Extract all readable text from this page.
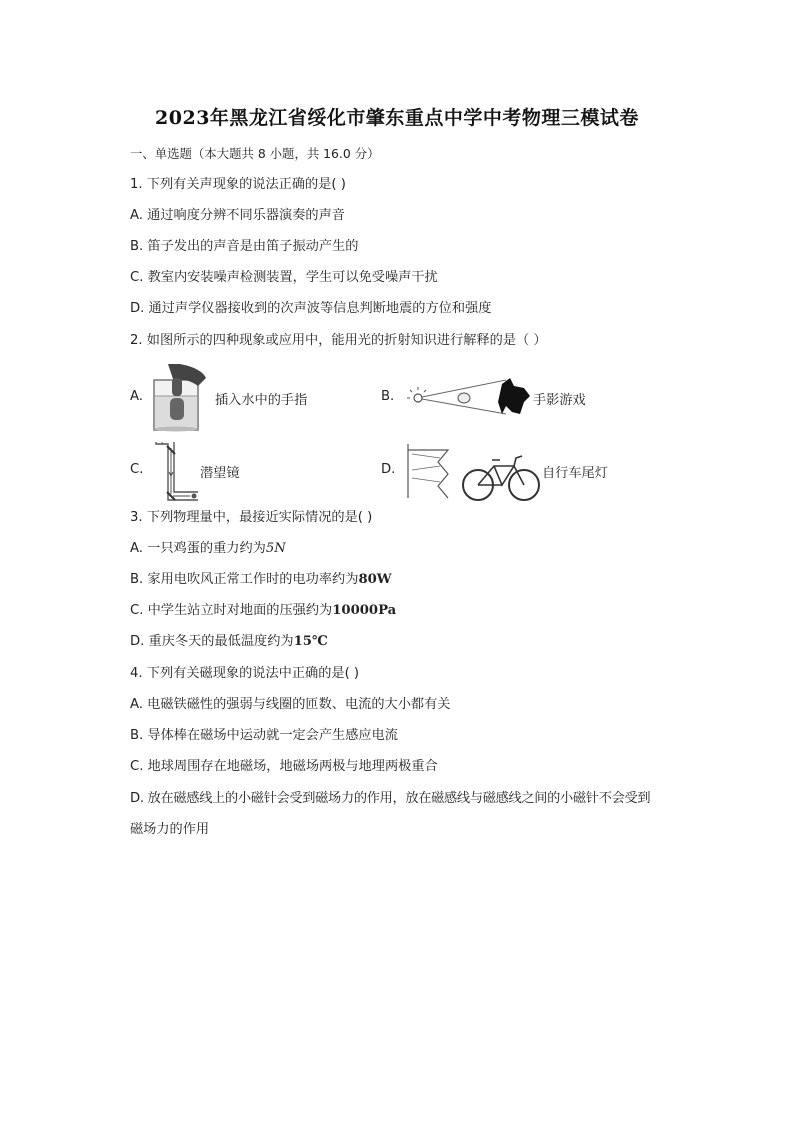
2023年黑龙江省绥化市肇东重点中学中考物理三模试卷
一、单选题（本大题共 8 小题，共 16.0 分）
1. 下列有关声现象的说法正确的是( )
A. 通过响度分辨不同乐器演奏的声音
B. 笛子发出的声音是由笛子振动产生的
C. 教室内安装噪声检测装置，学生可以免受噪声干扰
D. 通过声学仪器接收到的次声波等信息判断地震的方位和强度
2. 如图所示的四种现象或应用中，能用光的折射知识进行解释的是（ ）
A.	插入水中的手指	B.	手影游戏
C.	潜望镜	D.	自行车尾灯
3. 下列物理量中，最接近实际情况的是( )
A. 一只鸡蛋的重力约为5N
B. 家用电吹风正常工作时的电功率约为80W
C. 中学生站立时对地面的压强约为10000Pa
D. 重庆冬天的最低温度约为15℃
4. 下列有关磁现象的说法中正确的是( )
A. 电磁铁磁性的强弱与线圈的匝数、电流的大小都有关
B. 导体棒在磁场中运动就一定会产生感应电流
C. 地球周围存在地磁场，地磁场两极与地理两极重合
D. 放在磁感线上的小磁针会受到磁场力的作用，放在磁感线与磁感线之间的小磁针不会受到
磁场力的作用
